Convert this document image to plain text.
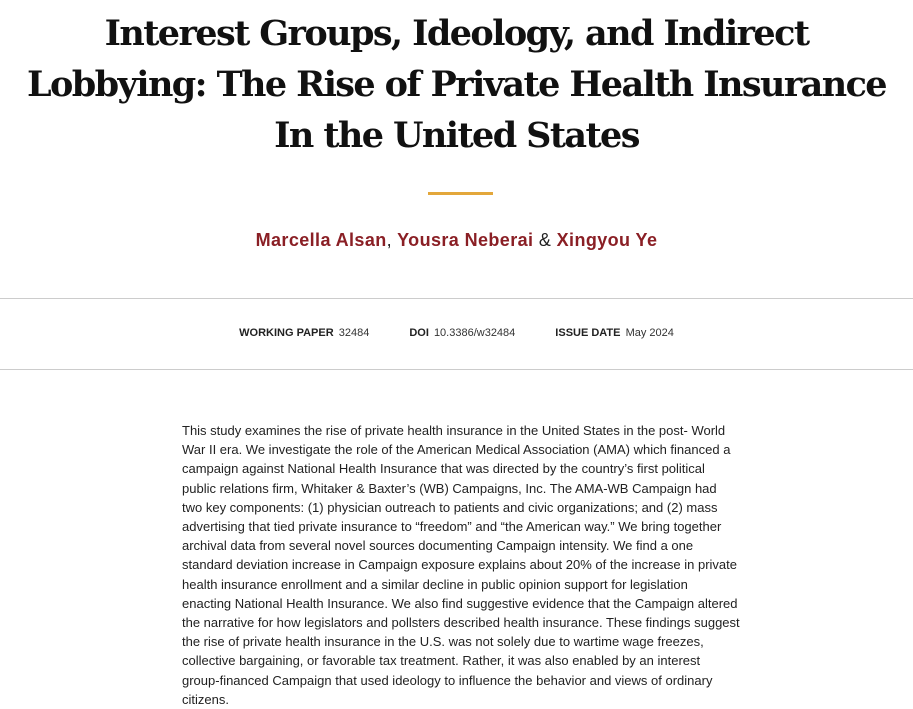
Interest Groups, Ideology, and Indirect
Lobbying: The Rise of Private Health Insurance
In the United States
Marcella Alsan, Yousra Neberai & Xingyou Ye
WORKING PAPER 32484	DOI 10.3386/w32484	ISSUE DATE May 2024

This study examines the rise of private health insurance in the United States in the post- World War II era. We investigate the role of the American Medical Association (AMA) which financed a campaign against National Health Insurance that was directed by the country’s first political public relations firm, Whitaker & Baxter’s (WB) Campaigns, Inc. The AMA-WB Campaign had two key components: (1) physician outreach to patients and civic organizations; and (2) mass advertising that tied private insurance to “freedom” and “the American way.” We bring together archival data from several novel sources documenting Campaign intensity. We find a one standard deviation increase in Campaign exposure explains about 20% of the increase in private health insurance enrollment and a similar decline in public opinion support for legislation enacting National Health Insurance. We also find suggestive evidence that the Campaign altered the narrative for how legislators and pollsters described health insurance. These findings suggest the rise of private health insurance in the U.S. was not solely due to wartime wage freezes, collective bargaining, or favorable tax treatment. Rather, it was also enabled by an interest group-financed Campaign that used ideology to influence the behavior and views of ordinary citizens.
